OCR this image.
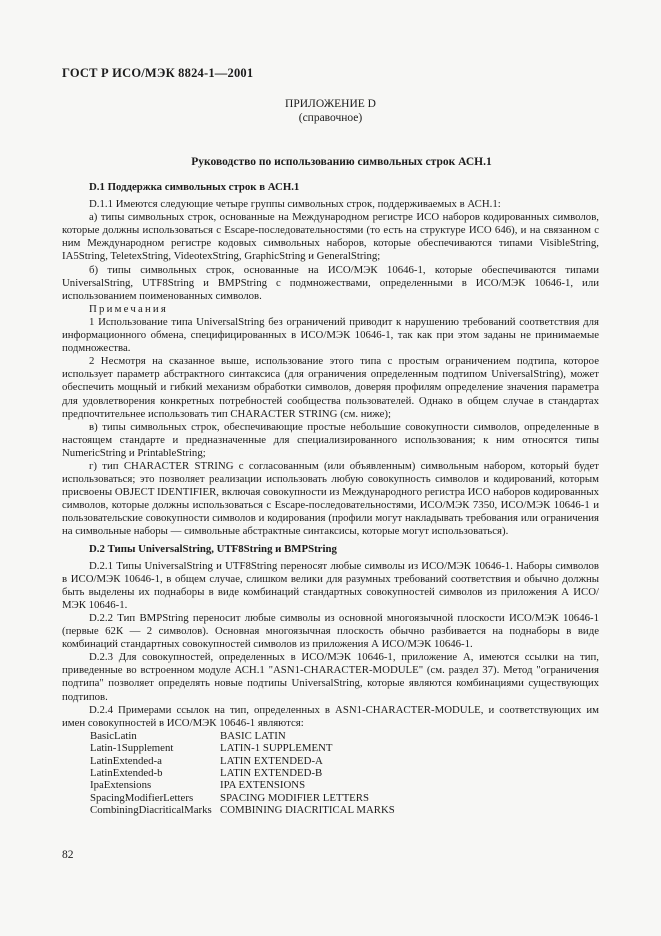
ГОСТ Р ИСО/МЭК 8824-1—2001
ПРИЛОЖЕНИЕ D
(справочное)
Руководство по использованию символьных строк АСН.1
D.1 Поддержка символьных строк в АСН.1

D.1.1 Имеются следующие четыре группы символьных строк, поддерживаемых в АСН.1:

а) типы символьных строк, основанные на Международном регистре ИСО наборов кодированных символов, которые должны использоваться с Escape-последовательностями (то есть на структуре ИСО 646), и на связанном с ним Международном регистре кодовых символьных наборов, которые обеспечиваются типами VisibleString, IA5String, TeletexString, VideotexString, GraphicString и GeneralString;

б) типы символьных строк, основанные на ИСО/МЭК 10646-1, которые обеспечиваются типами UniversalString, UTF8String и BMPString с подмножествами, определенными в ИСО/МЭК 10646-1, или использованием поименованных символов.

Примечания

1 Использование типа UniversalString без ограничений приводит к нарушению требований соответствия для информационного обмена, специфицированных в ИСО/МЭК 10646-1, так как при этом заданы не принимаемые подмножества.

2 Несмотря на сказанное выше, использование этого типа с простым ограничением подтипа, которое использует параметр абстрактного синтаксиса (для ограничения определенным подтипом UniversalString), может обеспечить мощный и гибкий механизм обработки символов, доверяя профилям определение значения параметра для удовлетворения конкретных потребностей сообщества пользователей. Однако в общем случае в стандартах предпочтительнее использовать тип CHARACTER STRING (см. ниже);

в) типы символьных строк, обеспечивающие простые небольшие совокупности символов, определенные в настоящем стандарте и предназначенные для специализированного использования; к ним относятся типы NumericString и PrintableString;

г) тип CHARACTER STRING с согласованным (или объявленным) символьным набором, который будет использоваться; это позволяет реализации использовать любую совокупность символов и кодирований, которым присвоены OBJECT IDENTIFIER, включая совокупности из Международного регистра ИСО наборов кодированных символов, которые должны использоваться с Escape-последовательностями, ИСО/МЭК 7350, ИСО/МЭК 10646-1 и пользовательские совокупности символов и кодирования (профили могут накладывать требования или ограничения на символьные наборы — символьные абстрактные синтаксисы, которые могут использоваться).

D.2 Типы UniversalString, UTF8String и BMPString

D.2.1 Типы UniversalString и UTF8String переносят любые символы из ИСО/МЭК 10646-1. Наборы символов в ИСО/МЭК 10646-1, в общем случае, слишком велики для разумных требований соответствия и обычно должны быть выделены их поднаборы в виде комбинаций стандартных совокупностей символов из приложения А ИСО/МЭК 10646-1.

D.2.2 Тип BMPString переносит любые символы из основной многоязычной плоскости ИСО/МЭК 10646-1 (первые 62К — 2 символов). Основная многоязычная плоскость обычно разбивается на поднаборы в виде комбинаций стандартных совокупностей символов из приложения А ИСО/МЭК 10646-1.

D.2.3 Для совокупностей, определенных в ИСО/МЭК 10646-1, приложение А, имеются ссылки на тип, приведенные во встроенном модуле АСН.1 "ASN1-CHARACTER-MODULE" (см. раздел 37). Метод "ограничения подтипа" позволяет определять новые подтипы UniversalString, которые являются комбинациями существующих подтипов.

D.2.4 Примерами ссылок на тип, определенных в ASN1-CHARACTER-MODULE, и соответствующих им имен совокупностей в ИСО/МЭК 10646-1 являются:

BasicLatin	BASIC LATIN
Latin-1Supplement	LATIN-1 SUPPLEMENT
LatinExtended-a	LATIN EXTENDED-A
LatinExtended-b	LATIN EXTENDED-B
IpaExtensions	IPA EXTENSIONS
SpacingModifierLetters	SPACING MODIFIER LETTERS
CombiningDiacriticalMarks	COMBINING DIACRITICAL MARKS
82
